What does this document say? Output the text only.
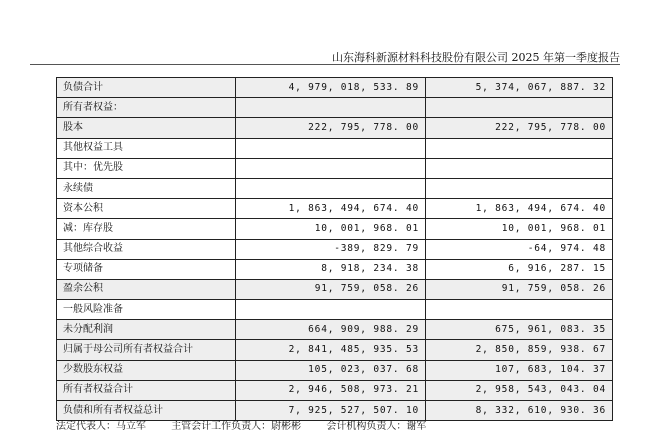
山东海科新源材料科技股份有限公司 2025 年第一季度报告
负债合计	4, 979, 018, 533. 89	5, 374, 067, 887. 32
所有者权益：		
股本	222, 795, 778. 00	222, 795, 778. 00
其他权益工具		
其中：优先股		
永续债		
资本公积	1, 863, 494, 674. 40	1, 863, 494, 674. 40
减：库存股	10, 001, 968. 01	10, 001, 968. 01
其他综合收益	-389, 829. 79	-64, 974. 48
专项储备	8, 918, 234. 38	6, 916, 287. 15
盈余公积	91, 759, 058. 26	91, 759, 058. 26
一般风险准备		
未分配利润	664, 909, 988. 29	675, 961, 083. 35
归属于母公司所有者权益合计	2, 841, 485, 935. 53	2, 850, 859, 938. 67
少数股东权益	105, 023, 037. 68	107, 683, 104. 37
所有者权益合计	2, 946, 508, 973. 21	2, 958, 543, 043. 04
负债和所有者权益总计	7, 925, 527, 507. 10	8, 332, 610, 930. 36
法定代表人：马立军	主管会计工作负责人：尉彬彬	会计机构负责人：谢军
